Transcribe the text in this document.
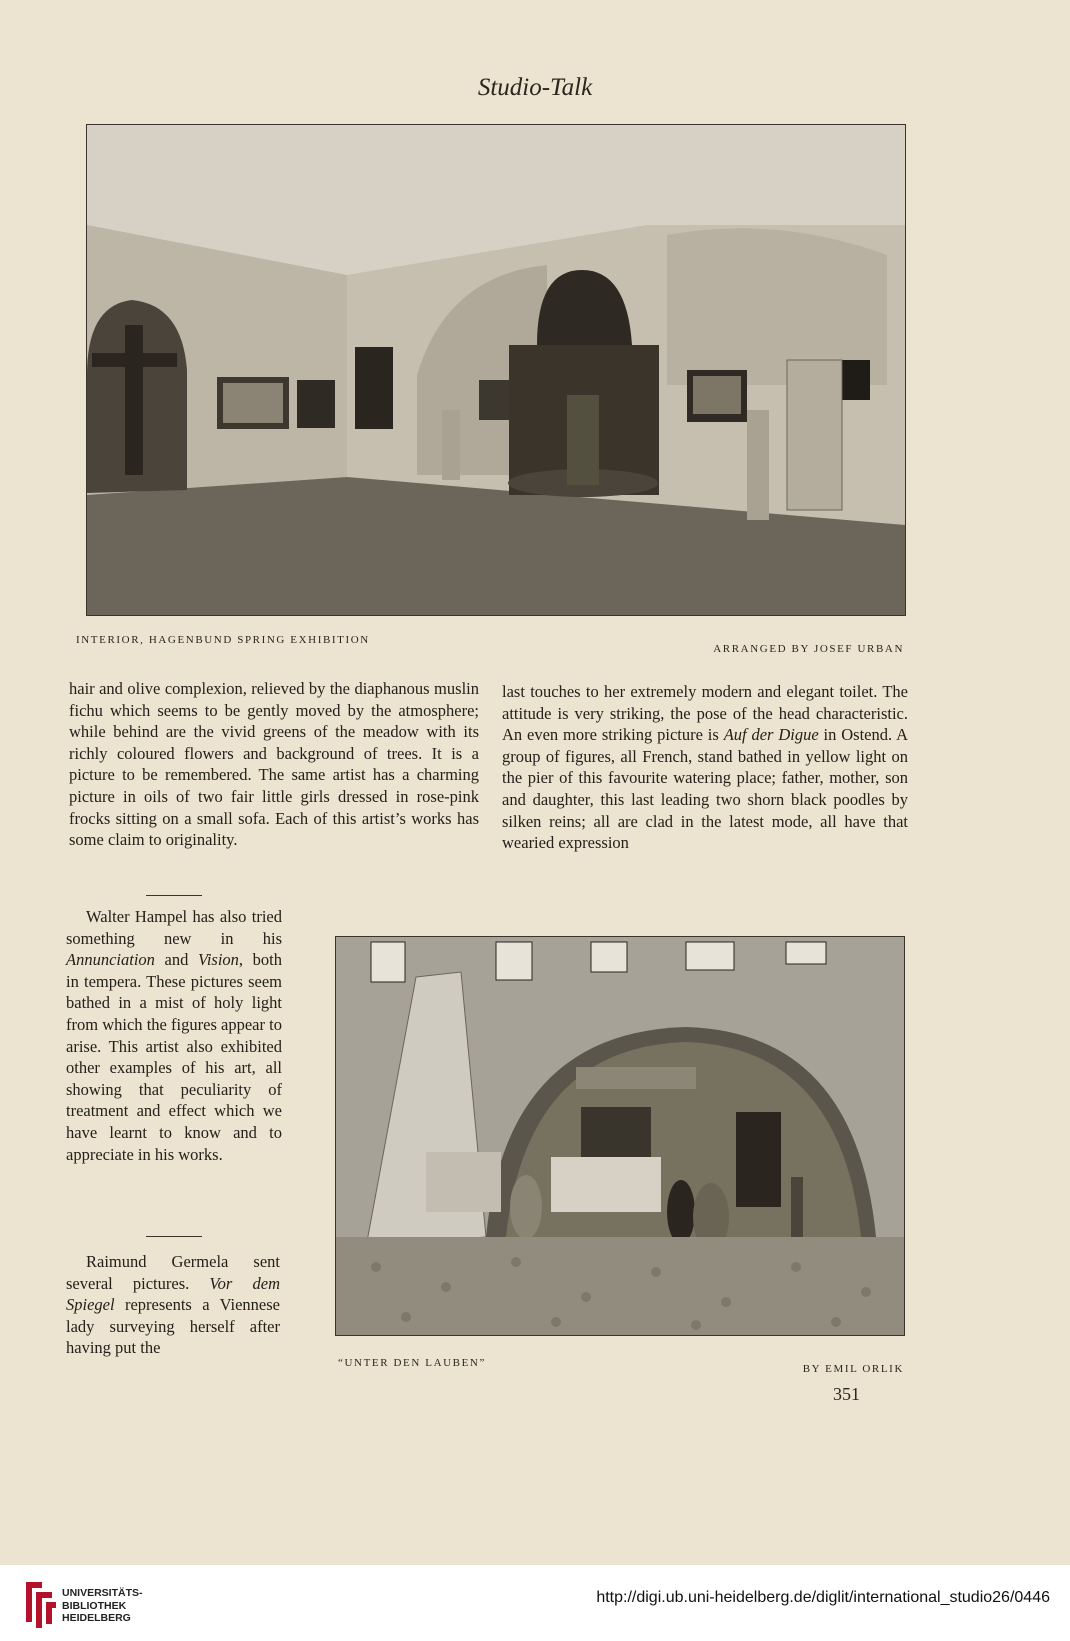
Studio-Talk
INTERIOR, HAGENBUND SPRING EXHIBITION
ARRANGED BY JOSEF URBAN

hair and olive complexion, relieved by the diaphanous muslin fichu which seems to be gently moved by the atmosphere; while behind are the vivid greens of the meadow with its richly coloured flowers and background of trees. It is a picture to be remembered. The same artist has a charming picture in oils of two fair little girls dressed in rose-pink frocks sitting on a small sofa. Each of this artist’s works has some claim to originality.

last touches to her extremely modern and elegant toilet. The attitude is very striking, the pose of the head characteristic. An even more striking picture is Auf der Digue in Ostend. A group of figures, all French, stand bathed in yellow light on the pier of this favourite watering place; father, mother, son and daughter, this last leading two shorn black poodles by silken reins; all are clad in the latest mode, all have that wearied expression

Walter Hampel has also tried something new in his Annunciation and Vision, both in tempera. These pictures seem bathed in a mist of holy light from which the figures appear to arise. This artist also exhibited other examples of his art, all showing that peculiarity of treatment and effect which we have learnt to know and to appreciate in his works.

Raimund Germela sent several pictures. Vor dem Spiegel represents a Viennese lady surveying herself after having put the

“UNTER DEN LAUBEN”	BY EMIL ORLIK
351
UNIVERSITÄTS-
BIBLIOTHEK
HEIDELBERG
http://digi.ub.uni-heidelberg.de/diglit/international_studio26/0446
